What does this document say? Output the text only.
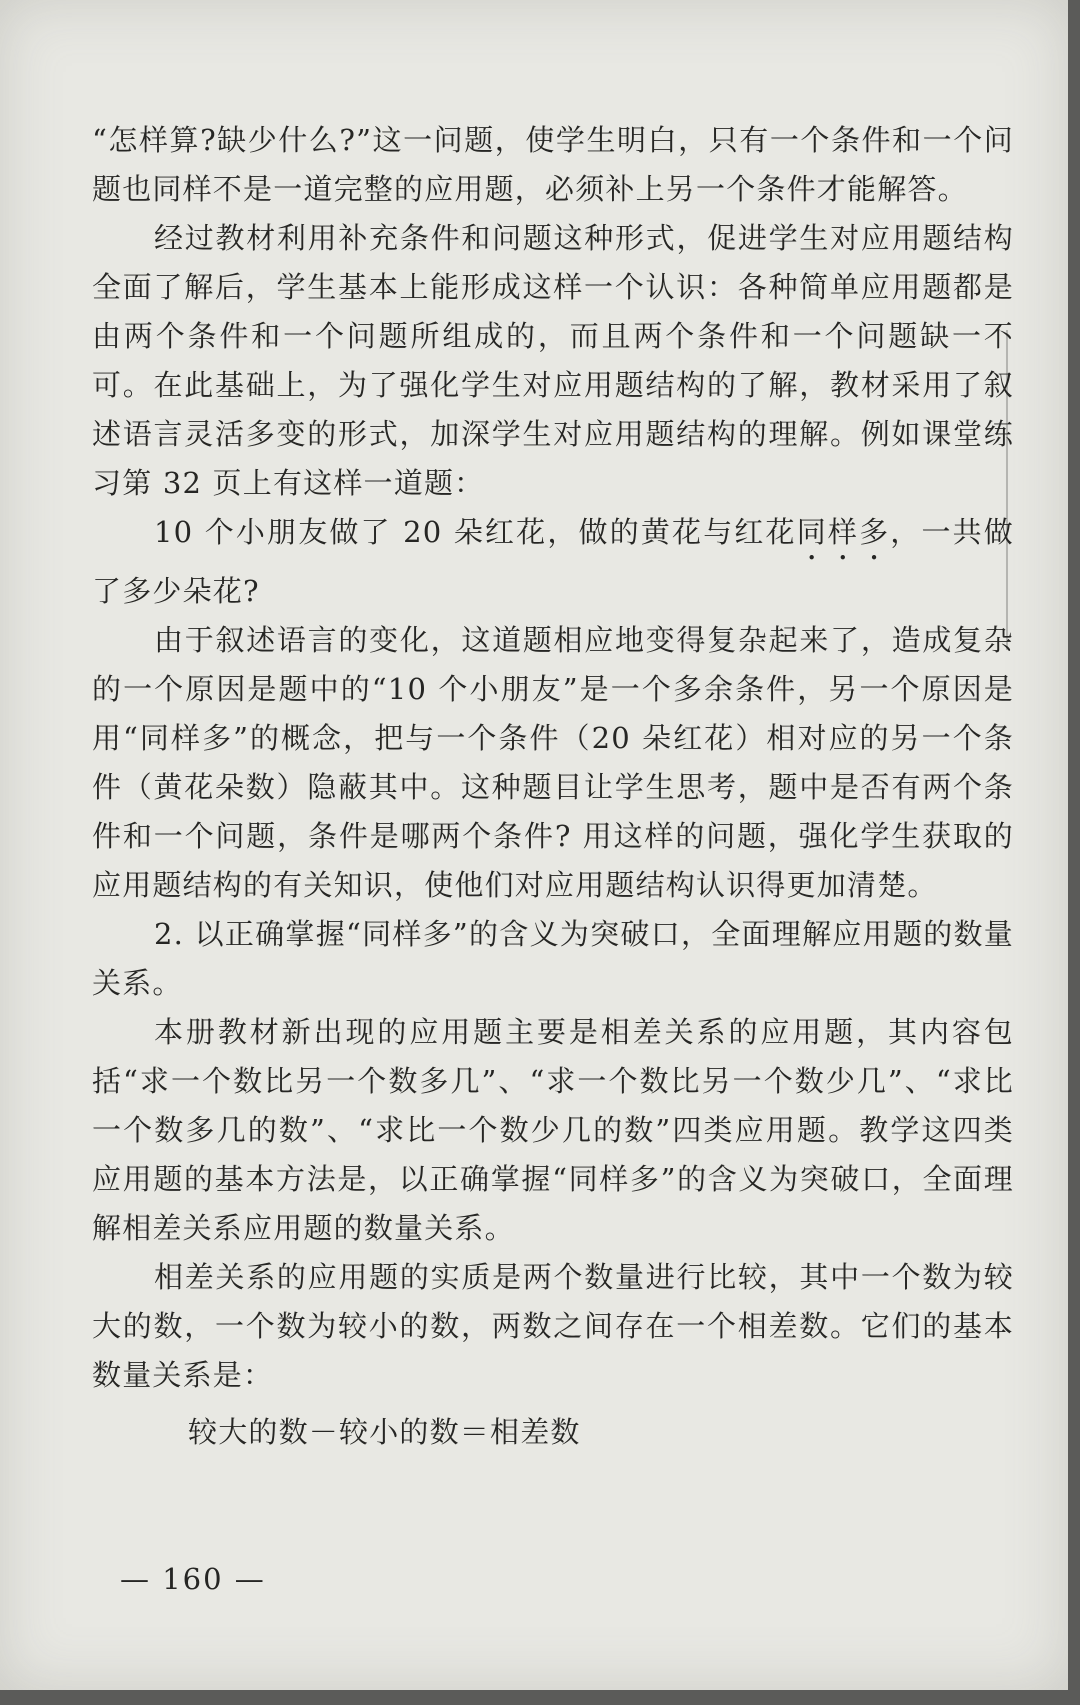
“怎样算?缺少什么?”这一问题，使学生明白，只有一个条件和一个问题也同样不是一道完整的应用题，必须补上另一个条件才能解答。

经过教材利用补充条件和问题这种形式，促进学生对应用题结构全面了解后，学生基本上能形成这样一个认识：各种简单应用题都是由两个条件和一个问题所组成的，而且两个条件和一个问题缺一不可。在此基础上，为了强化学生对应用题结构的了解，教材采用了叙述语言灵活多变的形式，加深学生对应用题结构的理解。例如课堂练习第 32 页上有这样一道题：

10 个小朋友做了 20 朵红花，做的黄花与红花同样多，一共做了多少朵花?

由于叙述语言的变化，这道题相应地变得复杂起来了，造成复杂的一个原因是题中的“10 个小朋友”是一个多余条件，另一个原因是用“同样多”的概念，把与一个条件（20 朵红花）相对应的另一个条件（黄花朵数）隐蔽其中。这种题目让学生思考，题中是否有两个条件和一个问题，条件是哪两个条件? 用这样的问题，强化学生获取的应用题结构的有关知识，使他们对应用题结构认识得更加清楚。

2. 以正确掌握“同样多”的含义为突破口，全面理解应用题的数量关系。

本册教材新出现的应用题主要是相差关系的应用题，其内容包括“求一个数比另一个数多几”、“求一个数比另一个数少几”、“求比一个数多几的数”、“求比一个数少几的数”四类应用题。教学这四类应用题的基本方法是，以正确掌握“同样多”的含义为突破口，全面理解相差关系应用题的数量关系。

相差关系的应用题的实质是两个数量进行比较，其中一个数为较大的数，一个数为较小的数，两数之间存在一个相差数。它们的基本数量关系是：

较大的数－较小的数＝相差数

— 160 —
